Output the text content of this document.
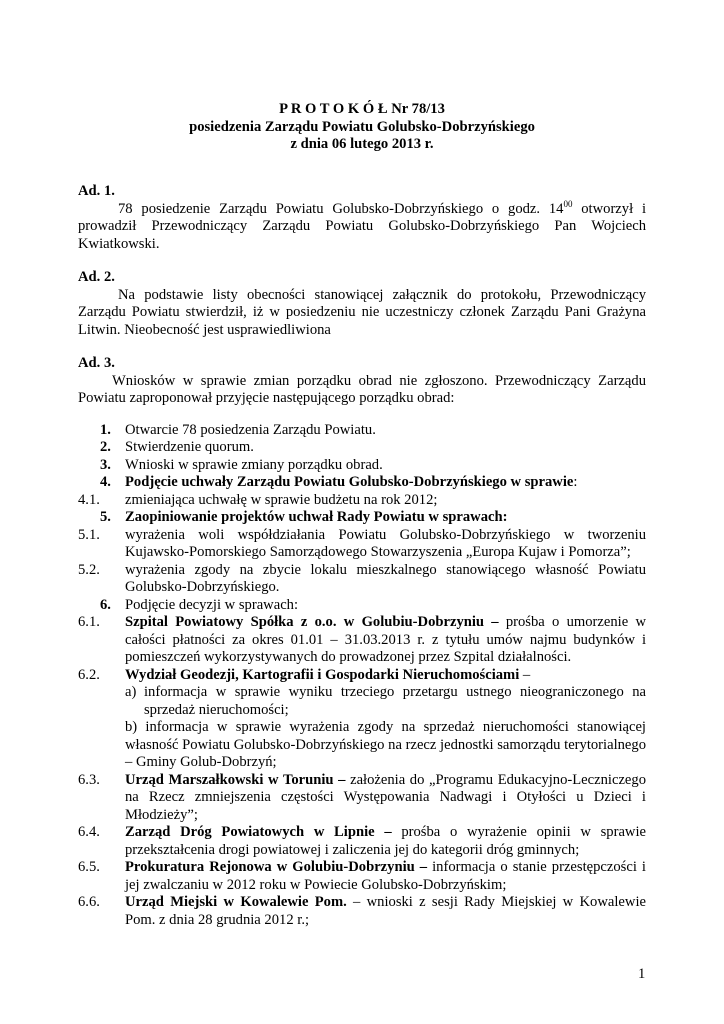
P R O T O K Ó Ł Nr 78/13
posiedzenia Zarządu Powiatu Golubsko-Dobrzyńskiego
z dnia 06 lutego 2013 r.
Ad. 1.
78 posiedzenie Zarządu Powiatu Golubsko-Dobrzyńskiego o godz. $14^{00}$ otworzył i prowadził Przewodniczący Zarządu Powiatu Golubsko-Dobrzyńskiego Pan Wojciech Kwiatkowski.
Ad. 2.
Na podstawie listy obecności stanowiącej załącznik do protokołu, Przewodniczący Zarządu Powiatu stwierdził, iż w posiedzeniu nie uczestniczy członek Zarządu Pani Grażyna Litwin. Nieobecność jest usprawiedliwiona
Ad. 3.
Wniosków w sprawie zmian porządku obrad nie zgłoszono. Przewodniczący Zarządu Powiatu zaproponował przyjęcie następującego porządku obrad:
1. Otwarcie 78 posiedzenia Zarządu Powiatu.
2. Stwierdzenie quorum.
3. Wnioski w sprawie zmiany porządku obrad.
4. Podjęcie uchwały Zarządu Powiatu Golubsko-Dobrzyńskiego w sprawie:
4.1.	zmieniająca uchwałę w sprawie budżetu na rok 2012;
5. Zaopiniowanie projektów uchwał Rady Powiatu w sprawach:
5.1.	wyrażenia woli współdziałania Powiatu Golubsko-Dobrzyńskiego w tworzeniu Kujawsko-Pomorskiego Samorządowego Stowarzyszenia „Europa Kujaw i Pomorza”;
5.2.	wyrażenia zgody na zbycie lokalu mieszkalnego stanowiącego własność Powiatu Golubsko-Dobrzyńskiego.
6. Podjęcie decyzji w sprawach:
6.1.	Szpital Powiatowy Spółka z o.o. w Golubiu-Dobrzyniu – prośba o umorzenie w całości płatności za okres 01.01 – 31.03.2013 r. z tytułu umów najmu budynków i pomieszczeń wykorzystywanych do prowadzonej przez Szpital działalności.
6.2.	Wydział Geodezji, Kartografii i Gospodarki Nieruchomościami –
a) informacja w sprawie wyniku trzeciego przetargu ustnego nieograniczonego na sprzedaż nieruchomości;
b) informacja w sprawie wyrażenia zgody na sprzedaż nieruchomości stanowiącej własność Powiatu Golubsko-Dobrzyńskiego na rzecz jednostki samorządu terytorialnego – Gminy Golub-Dobrzyń;
6.3.	Urząd Marszałkowski w Toruniu – założenia do „Programu Edukacyjno-Leczniczego na Rzecz zmniejszenia częstości Występowania Nadwagi i Otyłości u Dzieci i Młodzieży”;
6.4.	Zarząd Dróg Powiatowych w Lipnie – prośba o wyrażenie opinii w sprawie przekształcenia drogi powiatowej i zaliczenia jej do kategorii dróg gminnych;
6.5.	Prokuratura Rejonowa w Golubiu-Dobrzyniu – informacja o stanie przestępczości i jej zwalczaniu w 2012 roku w Powiecie Golubsko-Dobrzyńskim;
6.6.	Urząd Miejski w Kowalewie Pom. – wnioski z sesji Rady Miejskiej w Kowalewie Pom. z dnia 28 grudnia 2012 r.;
1
